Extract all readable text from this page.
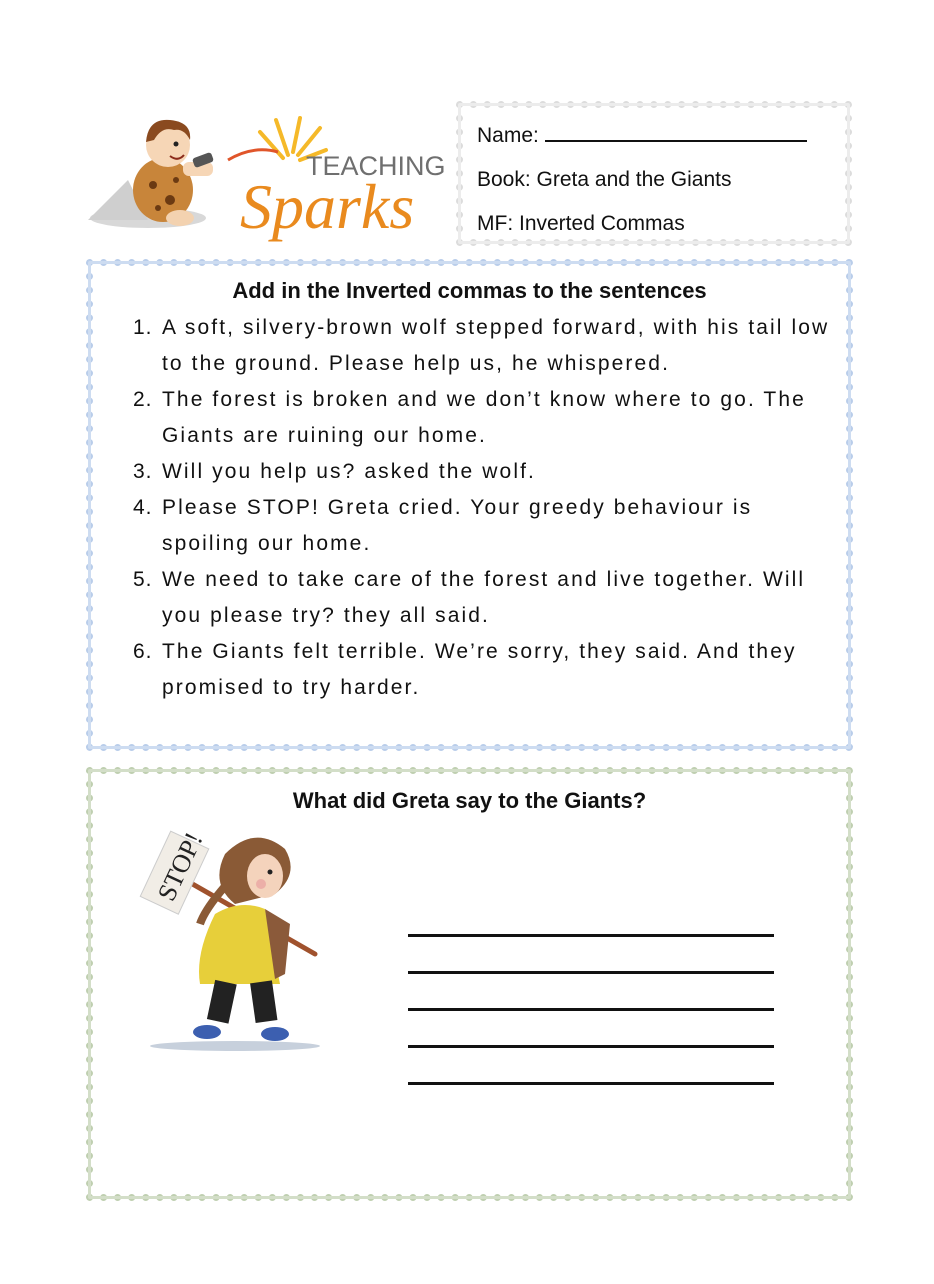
TEACHING
Sparks
Name:
Book: Greta and the Giants
MF: Inverted Commas
Add in the Inverted commas to the sentences
1. A soft, silvery-brown wolf stepped forward, with his tail low to the ground. Please help us, he whispered.
2. The forest is broken and we don’t know where to go. The Giants are ruining our home.
3. Will you help us? asked the wolf.
4. Please STOP! Greta cried. Your greedy behaviour is spoiling our home.
5. We need to take care of the forest and live together. Will you please try? they all said.
6. The Giants felt terrible. We’re sorry, they said. And they promised to try harder.
What did Greta say to the Giants?
STOP!
